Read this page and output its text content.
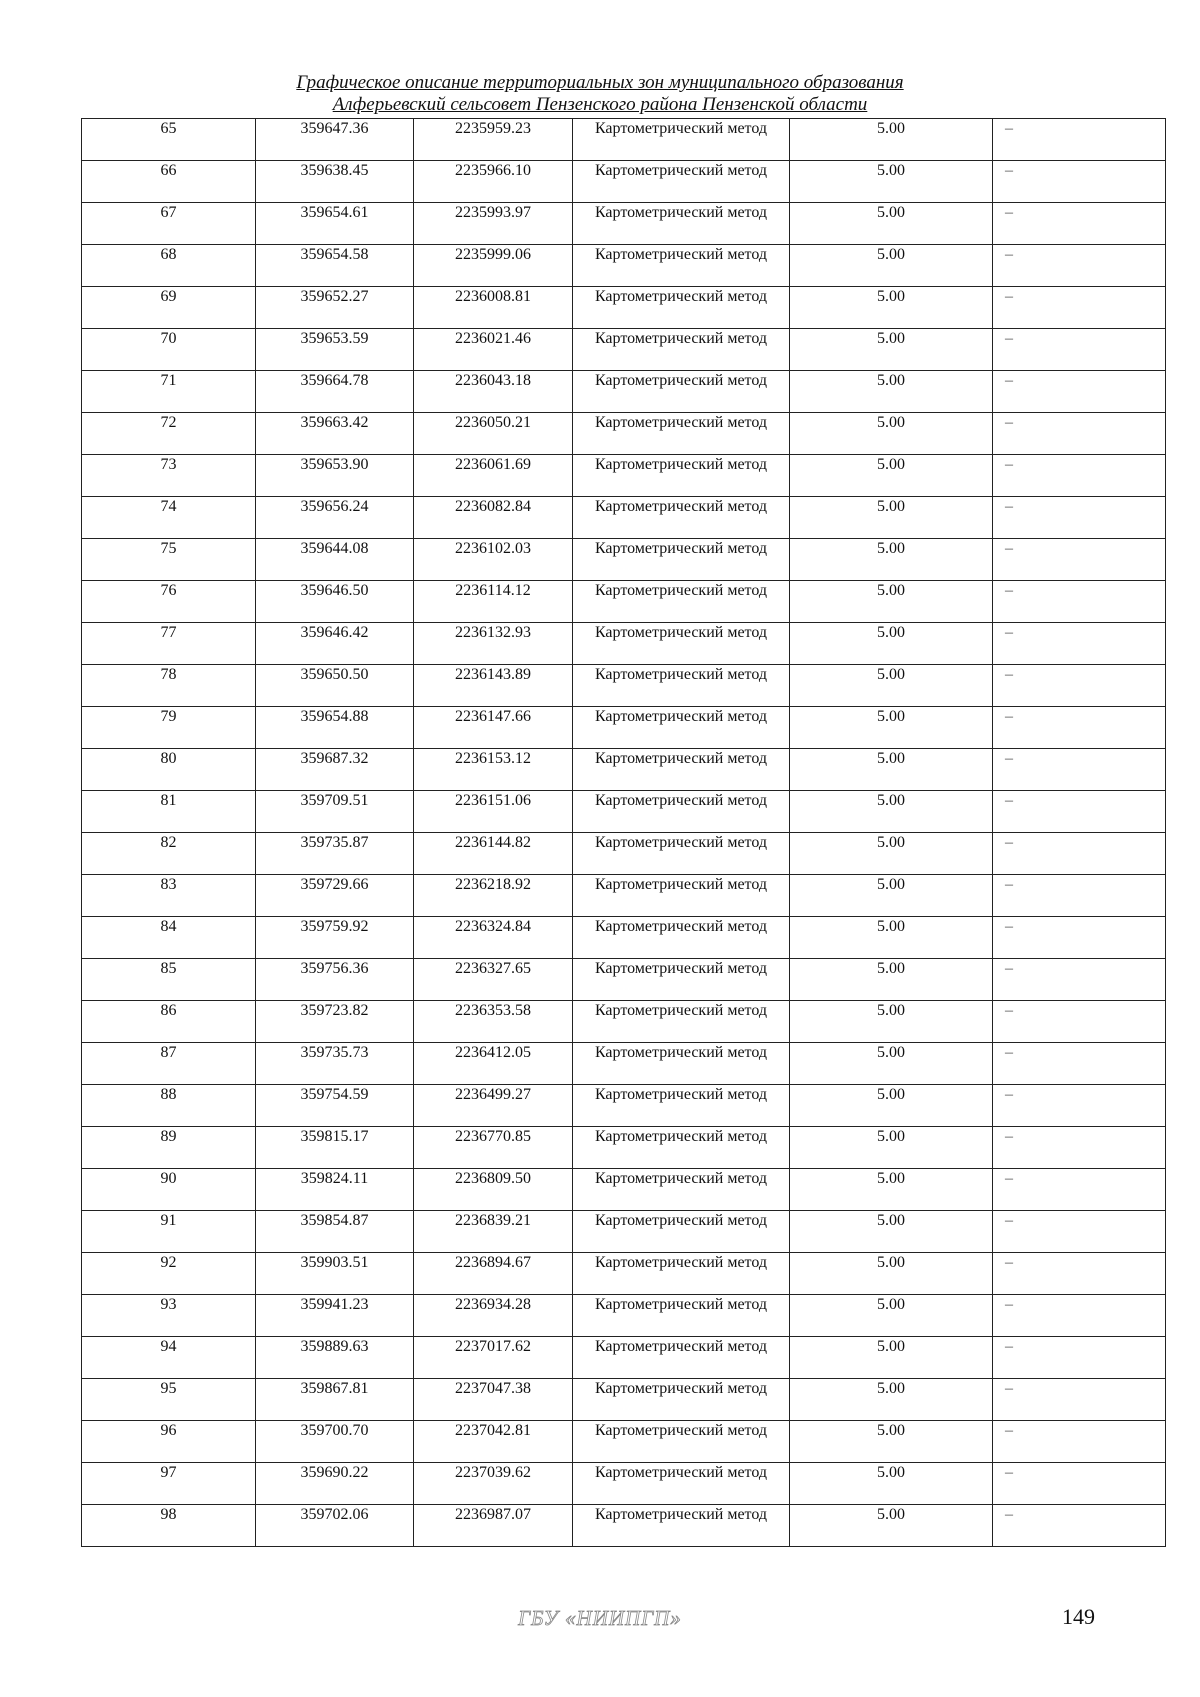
Графическое описание территориальных зон муниципального образования
Алферьевский сельсовет Пензенского района Пензенской области
65	359647.36	2235959.23	Картометрический метод	5.00	–
66	359638.45	2235966.10	Картометрический метод	5.00	–
67	359654.61	2235993.97	Картометрический метод	5.00	–
68	359654.58	2235999.06	Картометрический метод	5.00	–
69	359652.27	2236008.81	Картометрический метод	5.00	–
70	359653.59	2236021.46	Картометрический метод	5.00	–
71	359664.78	2236043.18	Картометрический метод	5.00	–
72	359663.42	2236050.21	Картометрический метод	5.00	–
73	359653.90	2236061.69	Картометрический метод	5.00	–
74	359656.24	2236082.84	Картометрический метод	5.00	–
75	359644.08	2236102.03	Картометрический метод	5.00	–
76	359646.50	2236114.12	Картометрический метод	5.00	–
77	359646.42	2236132.93	Картометрический метод	5.00	–
78	359650.50	2236143.89	Картометрический метод	5.00	–
79	359654.88	2236147.66	Картометрический метод	5.00	–
80	359687.32	2236153.12	Картометрический метод	5.00	–
81	359709.51	2236151.06	Картометрический метод	5.00	–
82	359735.87	2236144.82	Картометрический метод	5.00	–
83	359729.66	2236218.92	Картометрический метод	5.00	–
84	359759.92	2236324.84	Картометрический метод	5.00	–
85	359756.36	2236327.65	Картометрический метод	5.00	–
86	359723.82	2236353.58	Картометрический метод	5.00	–
87	359735.73	2236412.05	Картометрический метод	5.00	–
88	359754.59	2236499.27	Картометрический метод	5.00	–
89	359815.17	2236770.85	Картометрический метод	5.00	–
90	359824.11	2236809.50	Картометрический метод	5.00	–
91	359854.87	2236839.21	Картометрический метод	5.00	–
92	359903.51	2236894.67	Картометрический метод	5.00	–
93	359941.23	2236934.28	Картометрический метод	5.00	–
94	359889.63	2237017.62	Картометрический метод	5.00	–
95	359867.81	2237047.38	Картометрический метод	5.00	–
96	359700.70	2237042.81	Картометрический метод	5.00	–
97	359690.22	2237039.62	Картометрический метод	5.00	–
98	359702.06	2236987.07	Картометрический метод	5.00	–
ГБУ «НИИПГП»	149
